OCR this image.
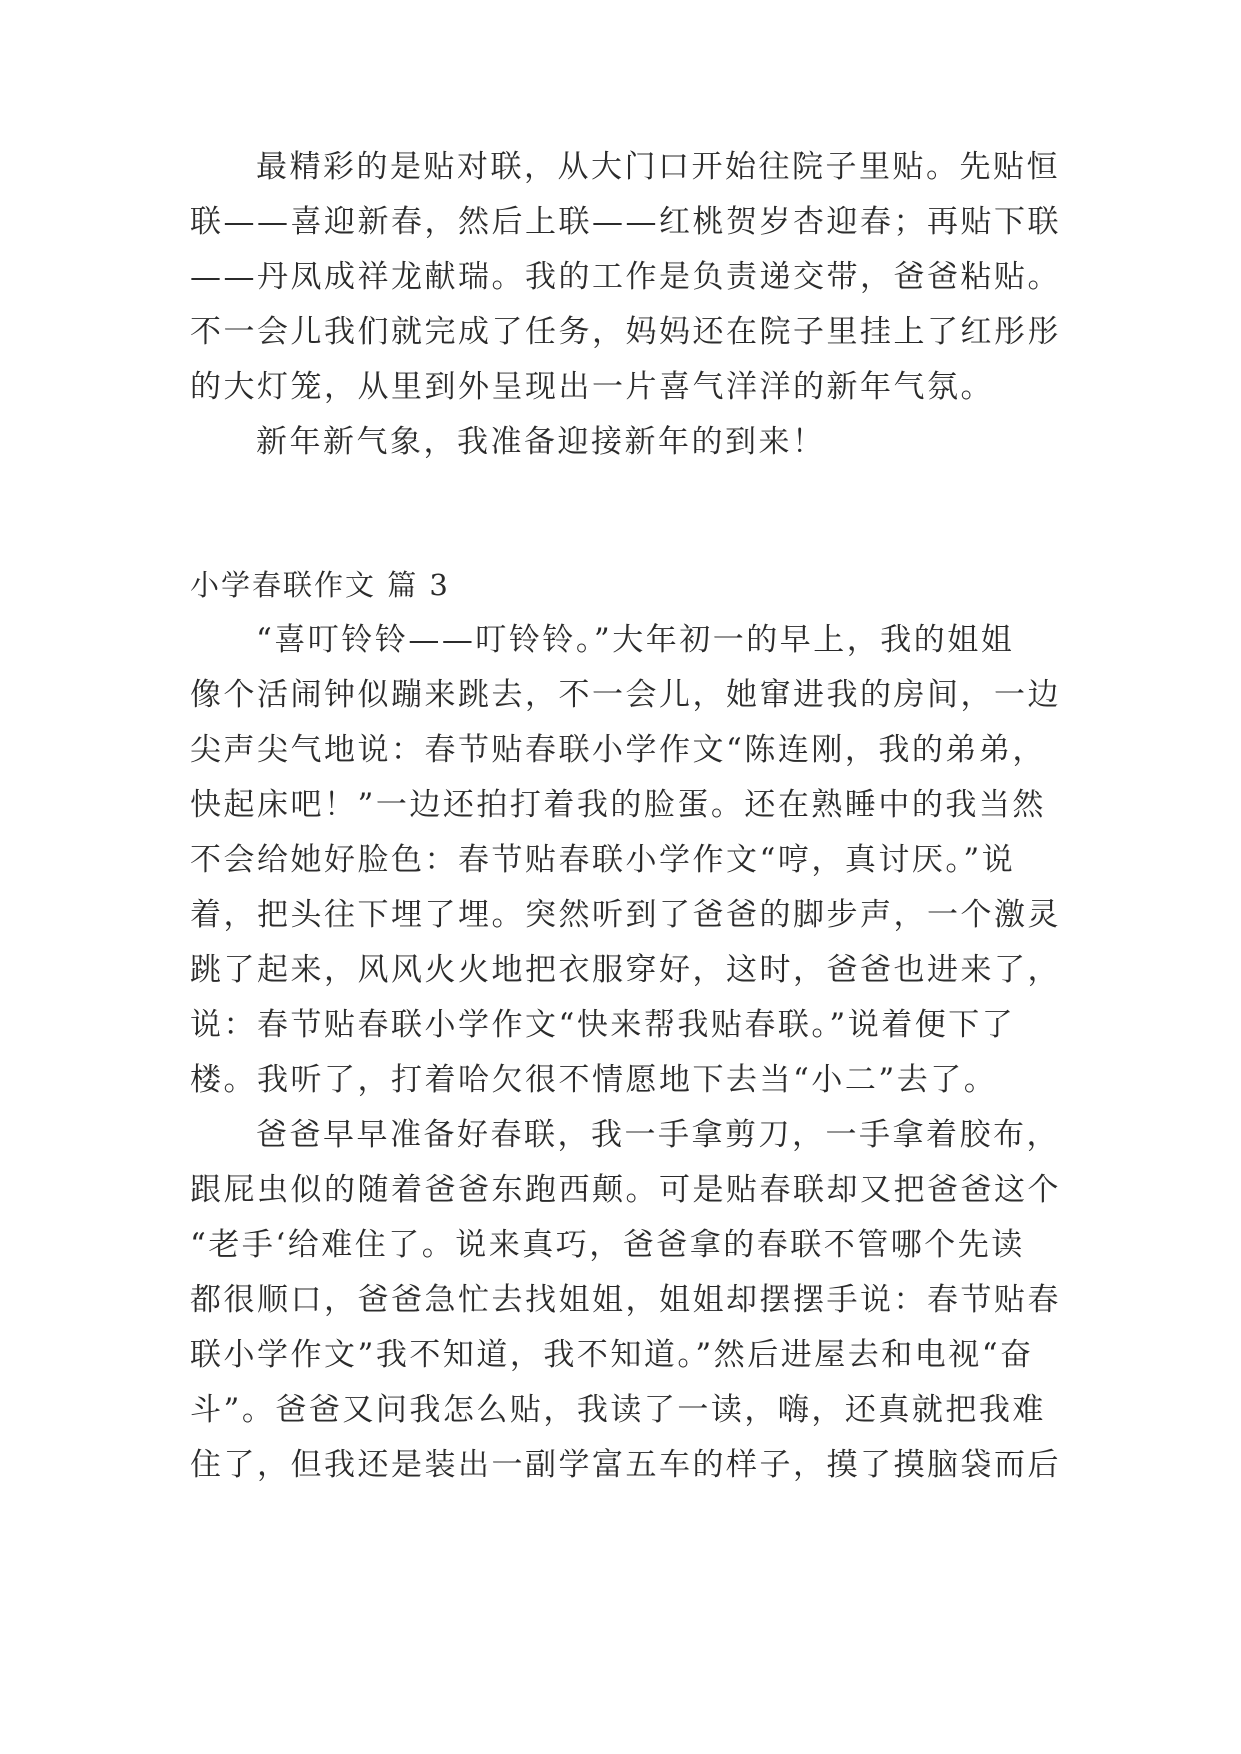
最精彩的是贴对联，从大门口开始往院子里贴。先贴恒
联——喜迎新春，然后上联——红桃贺岁杏迎春；再贴下联
——丹凤成祥龙献瑞。我的工作是负责递交带，爸爸粘贴。
不一会儿我们就完成了任务，妈妈还在院子里挂上了红彤彤
的大灯笼，从里到外呈现出一片喜气洋洋的新年气氛。
新年新气象，我准备迎接新年的到来！
小学春联作文 篇 3
“喜叮铃铃——叮铃铃。”大年初一的早上，我的姐姐
像个活闹钟似蹦来跳去，不一会儿，她窜进我的房间，一边
尖声尖气地说：春节贴春联小学作文“陈连刚，我的弟弟，
快起床吧！”一边还拍打着我的脸蛋。还在熟睡中的我当然
不会给她好脸色：春节贴春联小学作文“哼，真讨厌。”说
着，把头往下埋了埋。突然听到了爸爸的脚步声，一个激灵
跳了起来，风风火火地把衣服穿好，这时，爸爸也进来了，
说：春节贴春联小学作文“快来帮我贴春联。”说着便下了
楼。我听了，打着哈欠很不情愿地下去当“小二”去了。
爸爸早早准备好春联，我一手拿剪刀，一手拿着胶布，
跟屁虫似的随着爸爸东跑西颠。可是贴春联却又把爸爸这个
“老手‘给难住了。说来真巧，爸爸拿的春联不管哪个先读
都很顺口，爸爸急忙去找姐姐，姐姐却摆摆手说：春节贴春
联小学作文”我不知道，我不知道。”然后进屋去和电视“奋
斗”。爸爸又问我怎么贴，我读了一读，嗨，还真就把我难
住了，但我还是装出一副学富五车的样子，摸了摸脑袋而后
